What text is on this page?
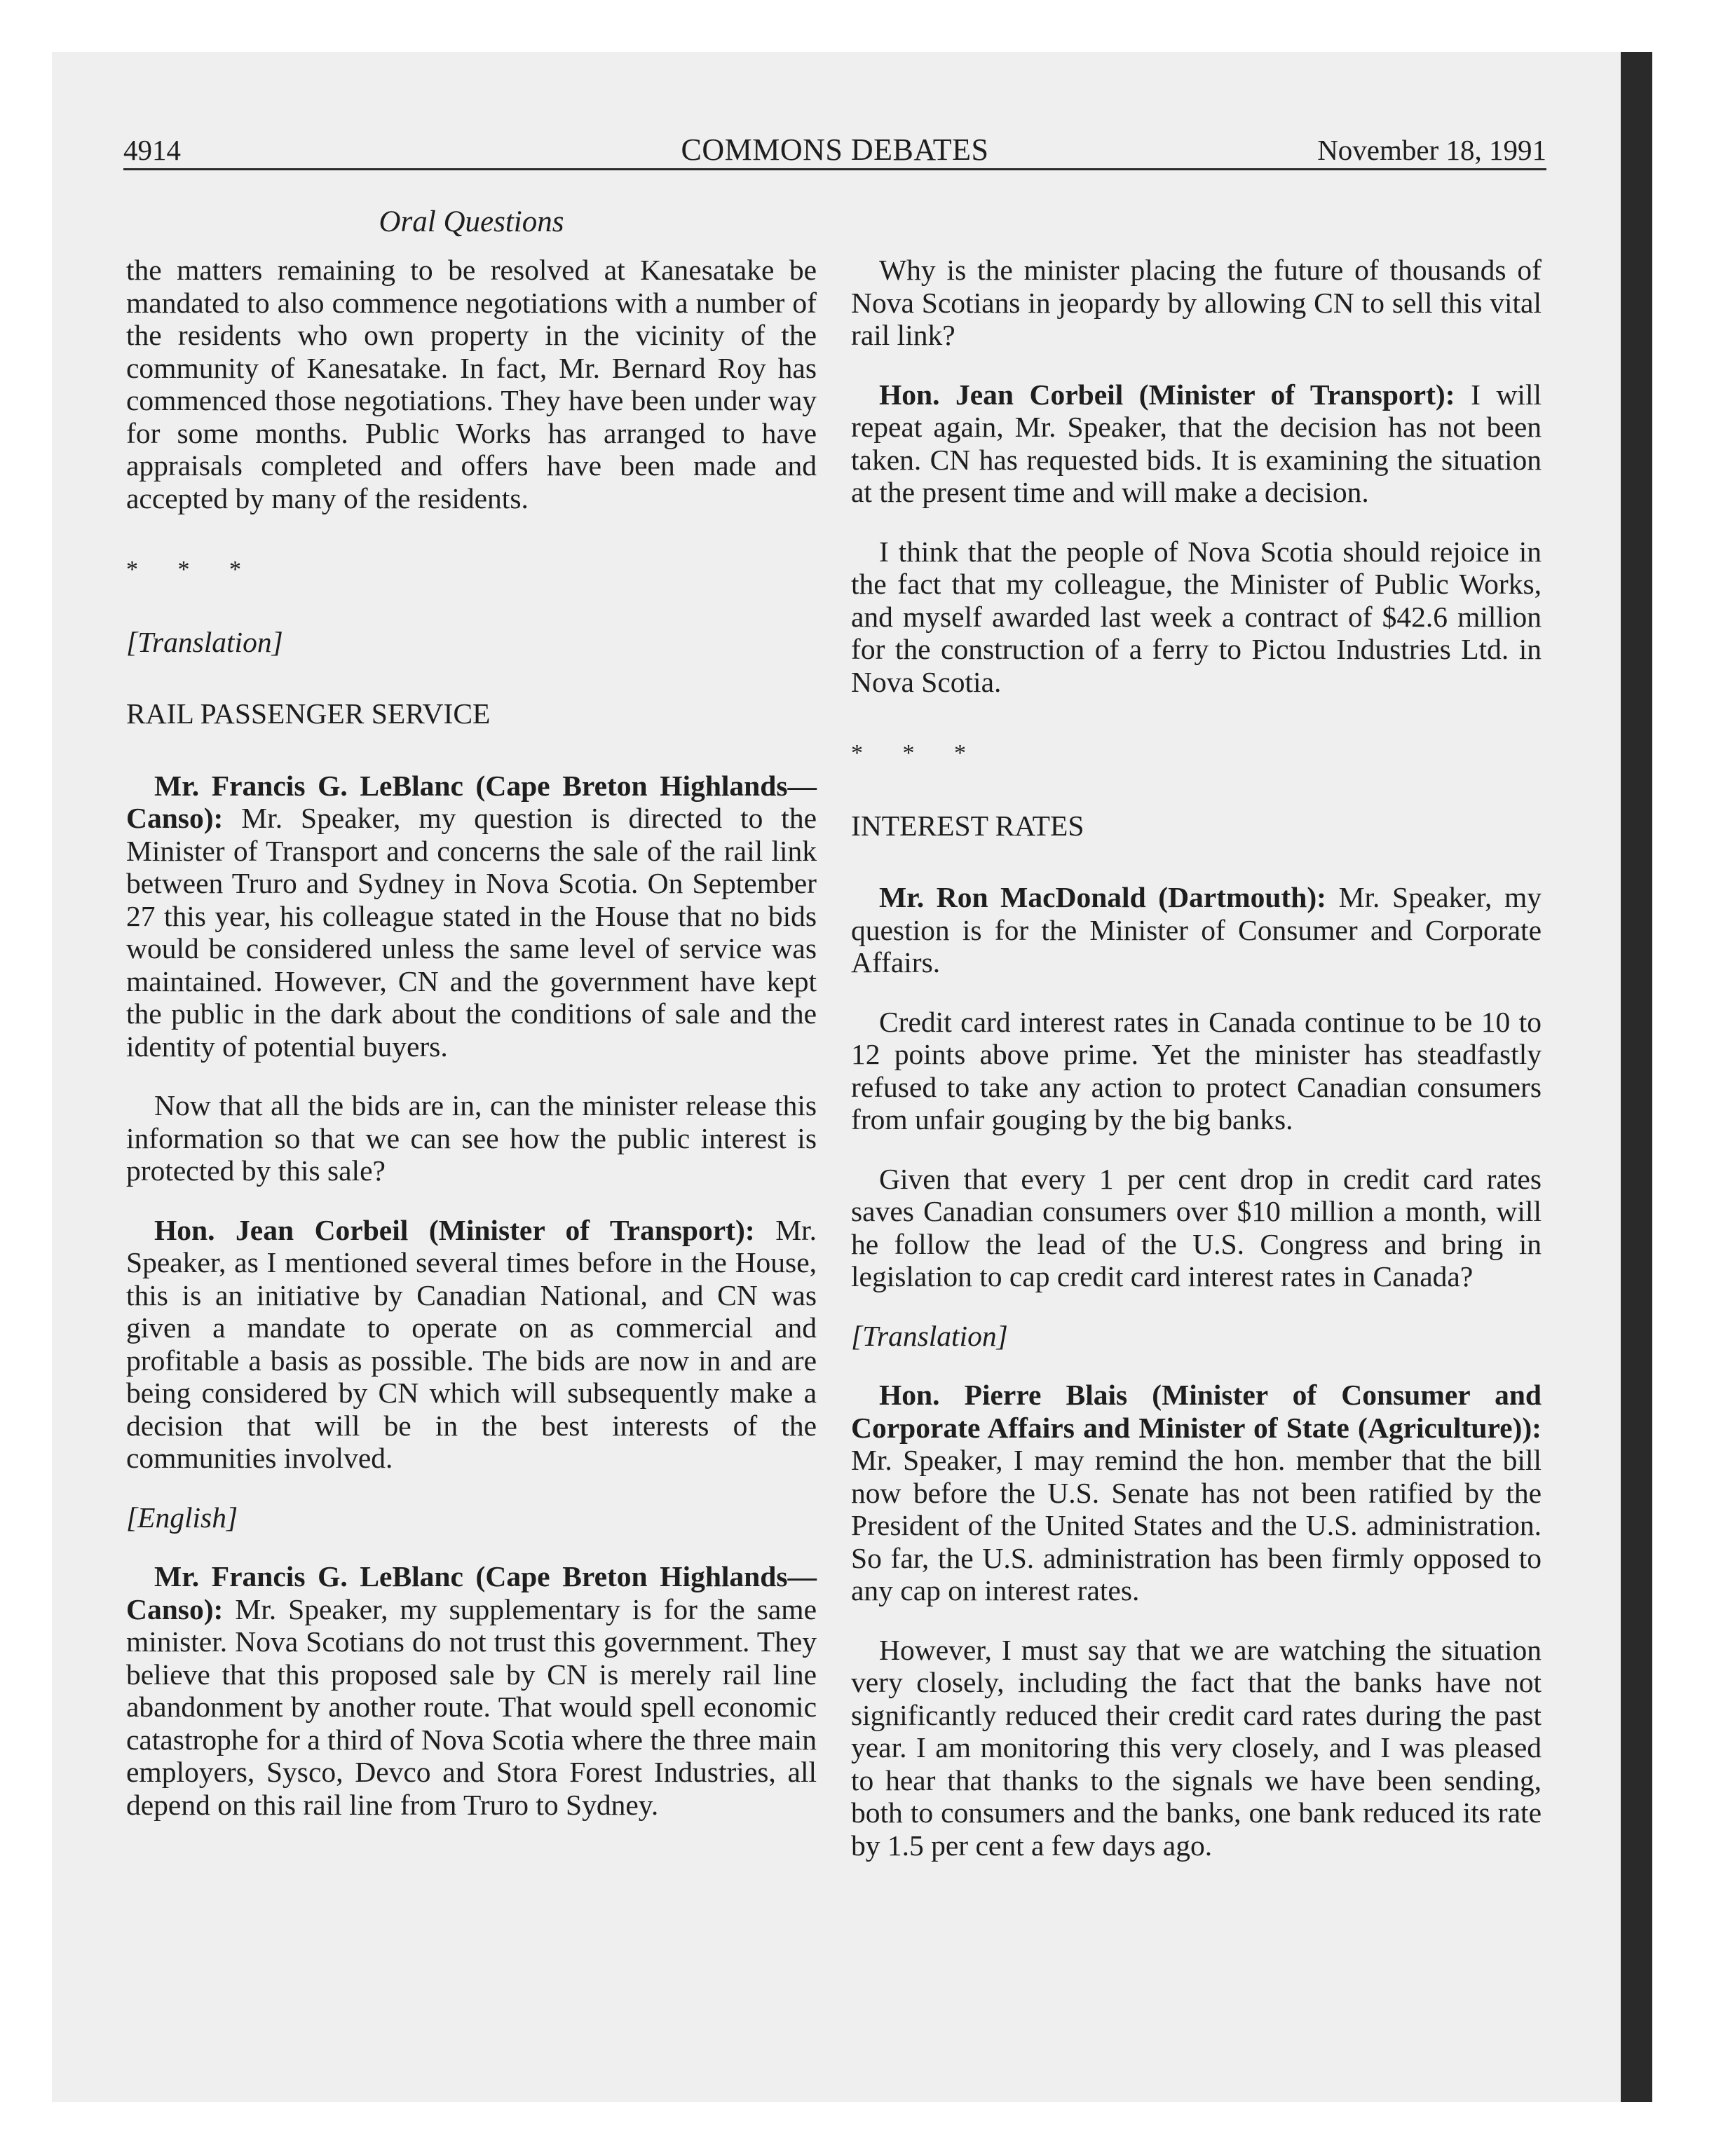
4914	COMMONS DEBATES	November 18, 1991
Oral Questions

the matters remaining to be resolved at Kanesatake be mandated to also commence negotiations with a number of the residents who own property in the vicinity of the community of Kanesatake. In fact, Mr. Bernard Roy has commenced those negotiations. They have been under way for some months. Public Works has arranged to have appraisals completed and offers have been made and accepted by many of the residents.

* * *

[Translation]

RAIL PASSENGER SERVICE

Mr. Francis G. LeBlanc (Cape Breton Highlands—Canso): Mr. Speaker, my question is directed to the Minister of Transport and concerns the sale of the rail link between Truro and Sydney in Nova Scotia. On September 27 this year, his colleague stated in the House that no bids would be considered unless the same level of service was maintained. However, CN and the government have kept the public in the dark about the conditions of sale and the identity of potential buyers.

Now that all the bids are in, can the minister release this information so that we can see how the public interest is protected by this sale?

Hon. Jean Corbeil (Minister of Transport): Mr. Speaker, as I mentioned several times before in the House, this is an initiative by Canadian National, and CN was given a mandate to operate on as commercial and profitable a basis as possible. The bids are now in and are being considered by CN which will subsequently make a decision that will be in the best interests of the communities involved.

[English]

Mr. Francis G. LeBlanc (Cape Breton Highlands—Canso): Mr. Speaker, my supplementary is for the same minister. Nova Scotians do not trust this government. They believe that this proposed sale by CN is merely rail line abandonment by another route. That would spell economic catastrophe for a third of Nova Scotia where the three main employers, Sysco, Devco and Stora Forest Industries, all depend on this rail line from Truro to Sydney.

Why is the minister placing the future of thousands of Nova Scotians in jeopardy by allowing CN to sell this vital rail link?

Hon. Jean Corbeil (Minister of Transport): I will repeat again, Mr. Speaker, that the decision has not been taken. CN has requested bids. It is examining the situation at the present time and will make a decision.

I think that the people of Nova Scotia should rejoice in the fact that my colleague, the Minister of Public Works, and myself awarded last week a contract of $42.6 million for the construction of a ferry to Pictou Industries Ltd. in Nova Scotia.

* * *

INTEREST RATES

Mr. Ron MacDonald (Dartmouth): Mr. Speaker, my question is for the Minister of Consumer and Corporate Affairs.

Credit card interest rates in Canada continue to be 10 to 12 points above prime. Yet the minister has steadfastly refused to take any action to protect Canadian consumers from unfair gouging by the big banks.

Given that every 1 per cent drop in credit card rates saves Canadian consumers over $10 million a month, will he follow the lead of the U.S. Congress and bring in legislation to cap credit card interest rates in Canada?

[Translation]

Hon. Pierre Blais (Minister of Consumer and Corporate Affairs and Minister of State (Agriculture)): Mr. Speaker, I may remind the hon. member that the bill now before the U.S. Senate has not been ratified by the President of the United States and the U.S. administration. So far, the U.S. administration has been firmly opposed to any cap on interest rates.

However, I must say that we are watching the situation very closely, including the fact that the banks have not significantly reduced their credit card rates during the past year. I am monitoring this very closely, and I was pleased to hear that thanks to the signals we have been sending, both to consumers and the banks, one bank reduced its rate by 1.5 per cent a few days ago.
